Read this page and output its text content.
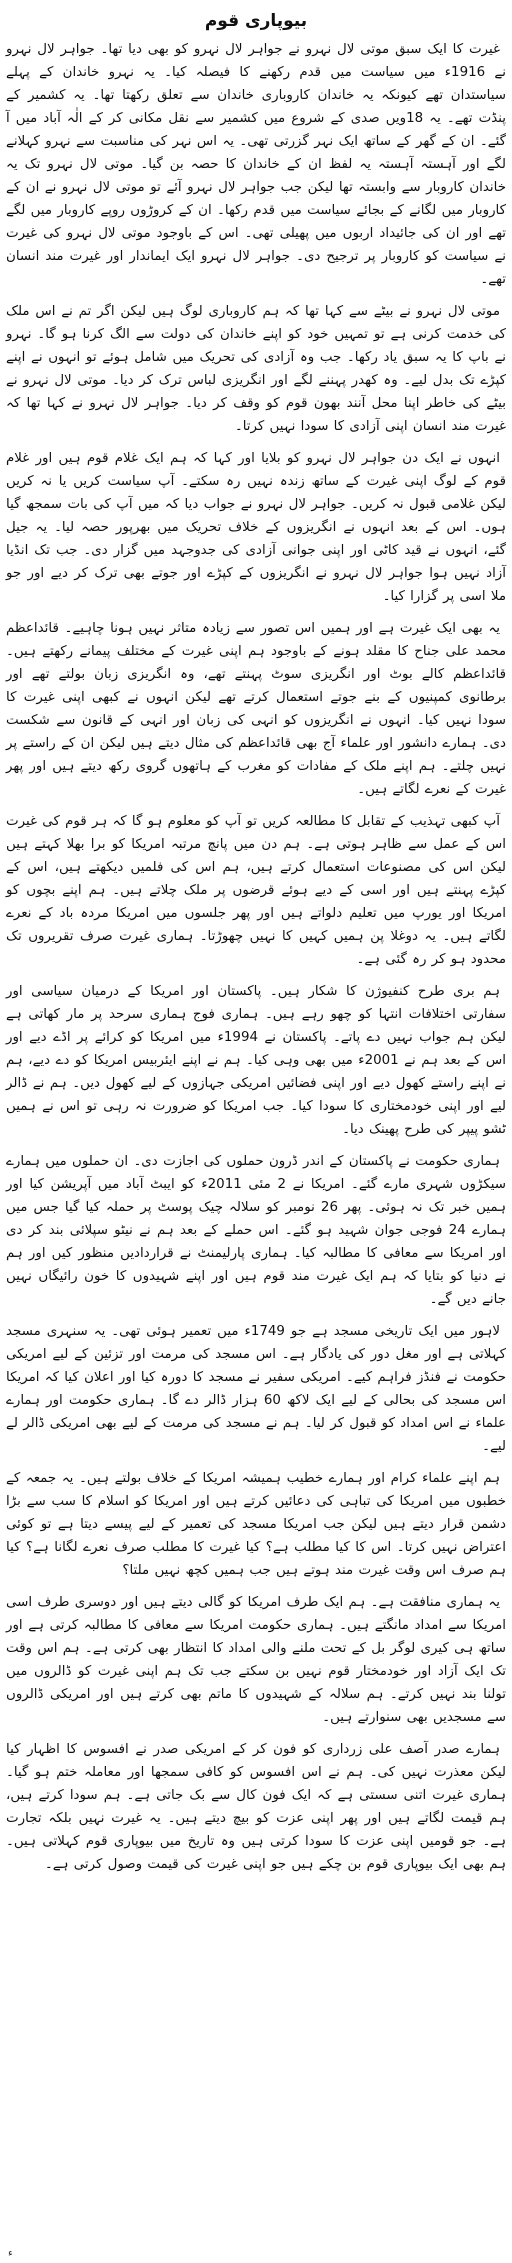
بیوپاری قوم

غیرت کا ایک سبق موتی لال نہرو نے جواہر لال نہرو کو بھی دیا تھا۔ جواہر لال نہرو نے 1916ء میں سیاست میں قدم رکھنے کا فیصلہ کیا۔ یہ نہرو خاندان کے پہلے سیاستدان تھے کیونکہ یہ خاندان کاروباری خاندان سے تعلق رکھتا تھا۔ یہ کشمیر کے پنڈت تھے۔ یہ 18ویں صدی کے شروع میں کشمیر سے نقل مکانی کر کے الٰہ آباد میں آ گئے۔ ان کے گھر کے ساتھ ایک نہر گزرتی تھی۔ یہ اس نہر کی مناسبت سے نہرو کہلانے لگے اور آہستہ آہستہ یہ لفظ ان کے خاندان کا حصہ بن گیا۔ موتی لال نہرو تک یہ خاندان کاروبار سے وابستہ تھا لیکن جب جواہر لال نہرو آئے تو موتی لال نہرو نے ان کے کاروبار میں لگانے کے بجائے سیاست میں قدم رکھا۔ ان کے کروڑوں روپے کاروبار میں لگے تھے اور ان کی جائیداد اربوں میں پھیلی تھی۔ اس کے باوجود موتی لال نہرو کی غیرت نے سیاست کو کاروبار پر ترجیح دی۔ جواہر لال نہرو ایک ایماندار اور غیرت مند انسان تھے۔

موتی لال نہرو نے بیٹے سے کہا تھا کہ ہم کاروباری لوگ ہیں لیکن اگر تم نے اس ملک کی خدمت کرنی ہے تو تمہیں خود کو اپنے خاندان کی دولت سے الگ کرنا ہو گا۔ نہرو نے باپ کا یہ سبق یاد رکھا۔ جب وہ آزادی کی تحریک میں شامل ہوئے تو انہوں نے اپنے کپڑے تک بدل لیے۔ وہ کھدر پہننے لگے اور انگریزی لباس ترک کر دیا۔ موتی لال نہرو نے بیٹے کی خاطر اپنا محل آنند بھون قوم کو وقف کر دیا۔ جواہر لال نہرو نے کہا تھا کہ غیرت مند انسان اپنی آزادی کا سودا نہیں کرتا۔

انہوں نے ایک دن جواہر لال نہرو کو بلایا اور کہا کہ ہم ایک غلام قوم ہیں اور غلام قوم کے لوگ اپنی غیرت کے ساتھ زندہ نہیں رہ سکتے۔ آپ سیاست کریں یا نہ کریں لیکن غلامی قبول نہ کریں۔ جواہر لال نہرو نے جواب دیا کہ میں آپ کی بات سمجھ گیا ہوں۔ اس کے بعد انہوں نے انگریزوں کے خلاف تحریک میں بھرپور حصہ لیا۔ یہ جیل گئے، انہوں نے قید کاٹی اور اپنی جوانی آزادی کی جدوجہد میں گزار دی۔ جب تک انڈیا آزاد نہیں ہوا جواہر لال نہرو نے انگریزوں کے کپڑے اور جوتے بھی ترک کر دیے اور جو ملا اسی پر گزارا کیا۔

یہ بھی ایک غیرت ہے اور ہمیں اس تصور سے زیادہ متاثر نہیں ہونا چاہیے۔ قائداعظم محمد علی جناح کا مقلد ہونے کے باوجود ہم اپنی غیرت کے مختلف پیمانے رکھتے ہیں۔ قائداعظم کالے بوٹ اور انگریزی سوٹ پہنتے تھے، وہ انگریزی زبان بولتے تھے اور برطانوی کمپنیوں کے بنے جوتے استعمال کرتے تھے لیکن انہوں نے کبھی اپنی غیرت کا سودا نہیں کیا۔ انہوں نے انگریزوں کو انہی کی زبان اور انہی کے قانون سے شکست دی۔ ہمارے دانشور اور علماء آج بھی قائداعظم کی مثال دیتے ہیں لیکن ان کے راستے پر نہیں چلتے۔ ہم اپنے ملک کے مفادات کو مغرب کے ہاتھوں گروی رکھ دیتے ہیں اور پھر غیرت کے نعرے لگاتے ہیں۔

آپ کبھی تہذیب کے تقابل کا مطالعہ کریں تو آپ کو معلوم ہو گا کہ ہر قوم کی غیرت اس کے عمل سے ظاہر ہوتی ہے۔ ہم دن میں پانچ مرتبہ امریکا کو برا بھلا کہتے ہیں لیکن اس کی مصنوعات استعمال کرتے ہیں، ہم اس کی فلمیں دیکھتے ہیں، اس کے کپڑے پہنتے ہیں اور اسی کے دیے ہوئے قرضوں پر ملک چلاتے ہیں۔ ہم اپنے بچوں کو امریکا اور یورپ میں تعلیم دلواتے ہیں اور پھر جلسوں میں امریکا مردہ باد کے نعرے لگاتے ہیں۔ یہ دوغلا پن ہمیں کہیں کا نہیں چھوڑتا۔ ہماری غیرت صرف تقریروں تک محدود ہو کر رہ گئی ہے۔

ہم بری طرح کنفیوژن کا شکار ہیں۔ پاکستان اور امریکا کے درمیان سیاسی اور سفارتی اختلافات انتہا کو چھو رہے ہیں۔ ہماری فوج ہماری سرحد پر مار کھاتی ہے لیکن ہم جواب نہیں دے پاتے۔ پاکستان نے 1994ء میں امریکا کو کرائے پر اڈے دیے اور اس کے بعد ہم نے 2001ء میں بھی وہی کیا۔ ہم نے اپنے ایئربیس امریکا کو دے دیے، ہم نے اپنے راستے کھول دیے اور اپنی فضائیں امریکی جہازوں کے لیے کھول دیں۔ ہم نے ڈالر لیے اور اپنی خودمختاری کا سودا کیا۔ جب امریکا کو ضرورت نہ رہی تو اس نے ہمیں ٹشو پیپر کی طرح پھینک دیا۔

ہماری حکومت نے پاکستان کے اندر ڈرون حملوں کی اجازت دی۔ ان حملوں میں ہمارے سیکڑوں شہری مارے گئے۔ امریکا نے 2 مئی 2011ء کو ایبٹ آباد میں آپریشن کیا اور ہمیں خبر تک نہ ہوئی۔ پھر 26 نومبر کو سلالہ چیک پوسٹ پر حملہ کیا گیا جس میں ہمارے 24 فوجی جوان شہید ہو گئے۔ اس حملے کے بعد ہم نے نیٹو سپلائی بند کر دی اور امریکا سے معافی کا مطالبہ کیا۔ ہماری پارلیمنٹ نے قراردادیں منظور کیں اور ہم نے دنیا کو بتایا کہ ہم ایک غیرت مند قوم ہیں اور اپنے شہیدوں کا خون رائیگاں نہیں جانے دیں گے۔

لاہور میں ایک تاریخی مسجد ہے جو 1749ء میں تعمیر ہوئی تھی۔ یہ سنہری مسجد کہلاتی ہے اور مغل دور کی یادگار ہے۔ اس مسجد کی مرمت اور تزئین کے لیے امریکی حکومت نے فنڈز فراہم کیے۔ امریکی سفیر نے مسجد کا دورہ کیا اور اعلان کیا کہ امریکا اس مسجد کی بحالی کے لیے ایک لاکھ 60 ہزار ڈالر دے گا۔ ہماری حکومت اور ہمارے علماء نے اس امداد کو قبول کر لیا۔ ہم نے مسجد کی مرمت کے لیے بھی امریکی ڈالر لے لیے۔

ہم اپنے علماء کرام اور ہمارے خطیب ہمیشہ امریکا کے خلاف بولتے ہیں۔ یہ جمعہ کے خطبوں میں امریکا کی تباہی کی دعائیں کرتے ہیں اور امریکا کو اسلام کا سب سے بڑا دشمن قرار دیتے ہیں لیکن جب امریکا مسجد کی تعمیر کے لیے پیسے دیتا ہے تو کوئی اعتراض نہیں کرتا۔ اس کا کیا مطلب ہے؟ کیا غیرت کا مطلب صرف نعرے لگانا ہے؟ کیا ہم صرف اس وقت غیرت مند ہوتے ہیں جب ہمیں کچھ نہیں ملتا؟

یہ ہماری منافقت ہے۔ ہم ایک طرف امریکا کو گالی دیتے ہیں اور دوسری طرف اسی امریکا سے امداد مانگتے ہیں۔ ہماری حکومت امریکا سے معافی کا مطالبہ کرتی ہے اور ساتھ ہی کیری لوگر بل کے تحت ملنے والی امداد کا انتظار بھی کرتی ہے۔ ہم اس وقت تک ایک آزاد اور خودمختار قوم نہیں بن سکتے جب تک ہم اپنی غیرت کو ڈالروں میں تولنا بند نہیں کرتے۔ ہم سلالہ کے شہیدوں کا ماتم بھی کرتے ہیں اور امریکی ڈالروں سے مسجدیں بھی سنوارتے ہیں۔

ہمارے صدر آصف علی زرداری کو فون کر کے امریکی صدر نے افسوس کا اظہار کیا لیکن معذرت نہیں کی۔ ہم نے اس افسوس کو کافی سمجھا اور معاملہ ختم ہو گیا۔ ہماری غیرت اتنی سستی ہے کہ ایک فون کال سے بک جاتی ہے۔ ہم سودا کرتے ہیں، ہم قیمت لگاتے ہیں اور پھر اپنی عزت کو بیچ دیتے ہیں۔ یہ غیرت نہیں بلکہ تجارت ہے۔ جو قومیں اپنی عزت کا سودا کرتی ہیں وہ تاریخ میں بیوپاری قوم کہلاتی ہیں۔ ہم بھی ایک بیوپاری قوم بن چکے ہیں جو اپنی غیرت کی قیمت وصول کرتی ہے۔

ء
